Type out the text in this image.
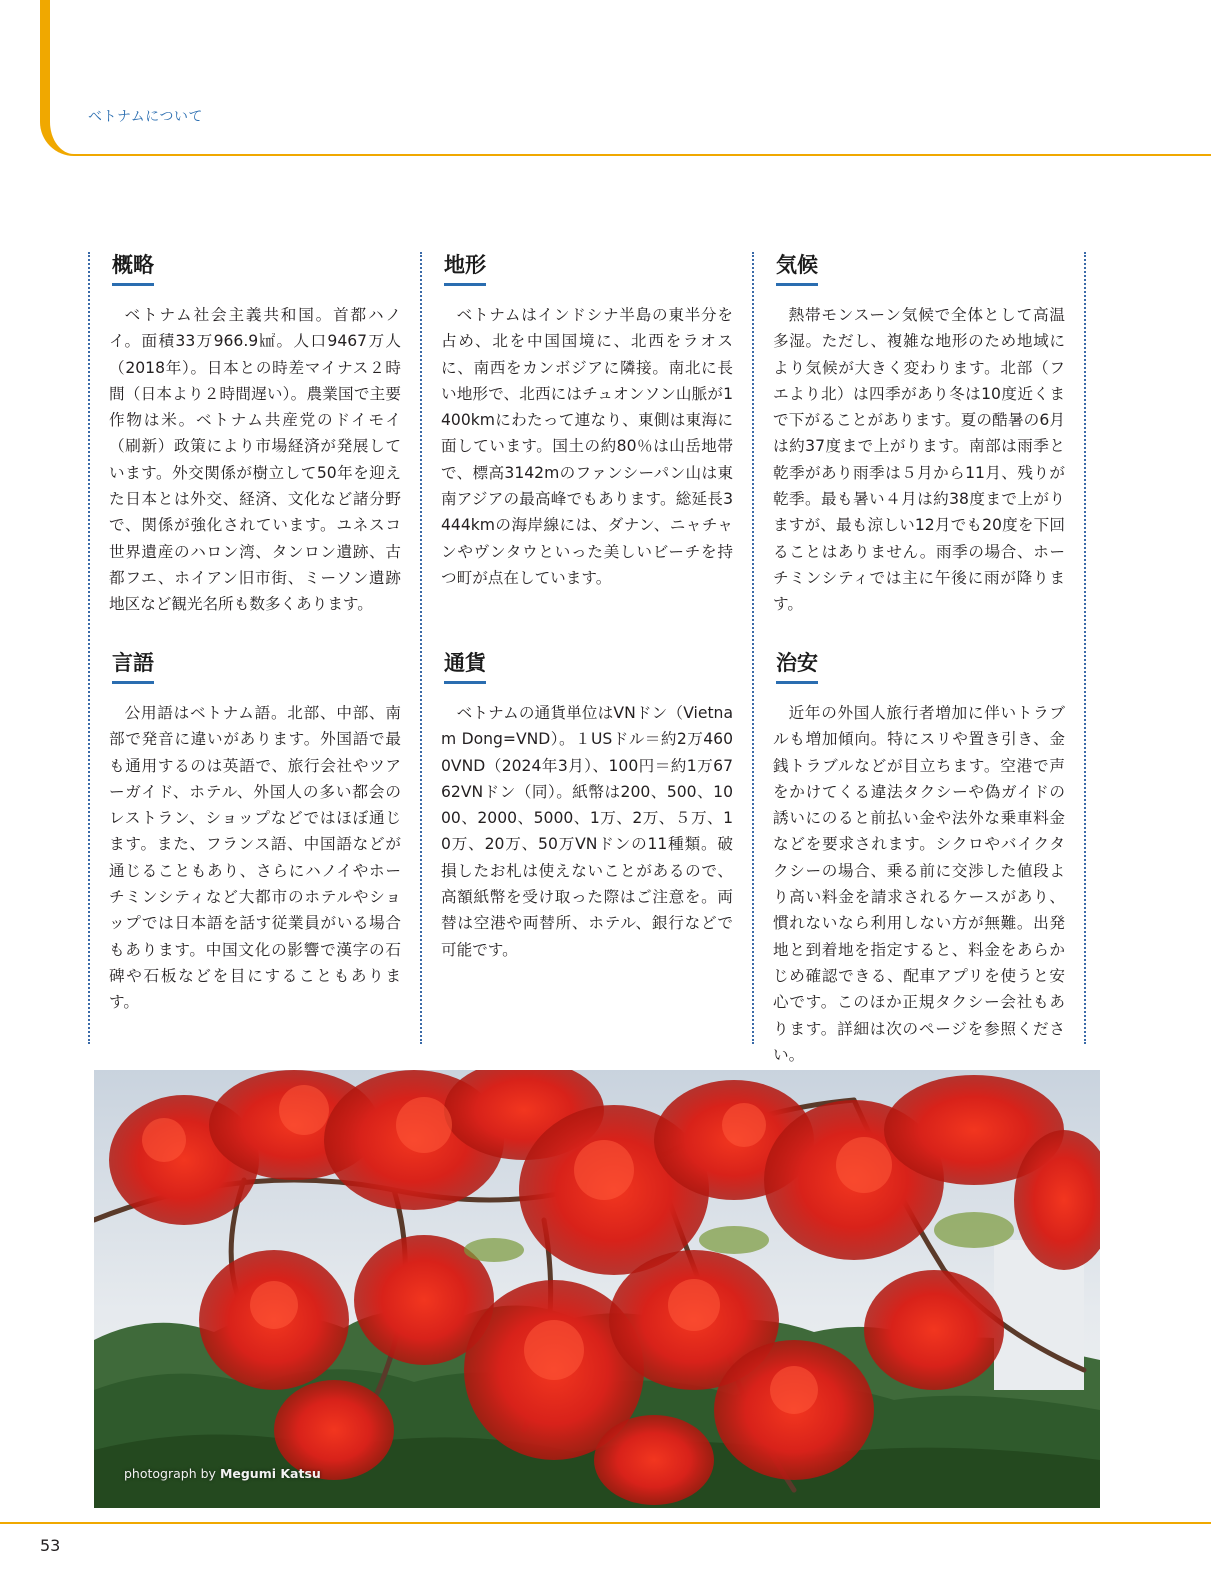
ベトナムについて
概略
ベトナム社会主義共和国。首都ハノイ。面積33万966.9㎢。人口9467万人（2018年）。日本との時差マイナス２時間（日本より２時間遅い）。農業国で主要作物は米。ベトナム共産党のドイモイ（刷新）政策により市場経済が発展しています。外交関係が樹立して50年を迎えた日本とは外交、経済、文化など諸分野で、関係が強化されています。ユネスコ世界遺産のハロン湾、タンロン遺跡、古都フエ、ホイアン旧市街、ミーソン遺跡地区など観光名所も数多くあります。
地形
ベトナムはインドシナ半島の東半分を占め、北を中国国境に、北西をラオスに、南西をカンボジアに隣接。南北に長い地形で、北西にはチュオンソン山脈が1400kmにわたって連なり、東側は東海に面しています。国土の約80％は山岳地帯で、標高3142mのファンシーパン山は東南アジアの最高峰でもあります。総延長3444kmの海岸線には、ダナン、ニャチャンやヴンタウといった美しいビーチを持つ町が点在しています。
気候
熱帯モンスーン気候で全体として高温多湿。ただし、複雑な地形のため地域により気候が大きく変わります。北部（フエより北）は四季があり冬は10度近くまで下がることがあります。夏の酷暑の6月は約37度まで上がります。南部は雨季と乾季があり雨季は５月から11月、残りが乾季。最も暑い４月は約38度まで上がりますが、最も涼しい12月でも20度を下回ることはありません。雨季の場合、ホーチミンシティでは主に午後に雨が降ります。
言語
公用語はベトナム語。北部、中部、南部で発音に違いがあります。外国語で最も通用するのは英語で、旅行会社やツアーガイド、ホテル、外国人の多い都会のレストラン、ショップなどではほぼ通じます。また、フランス語、中国語などが通じることもあり、さらにハノイやホーチミンシティなど大都市のホテルやショップでは日本語を話す従業員がいる場合もあります。中国文化の影響で漢字の石碑や石板などを目にすることもあります。
通貨
ベトナムの通貨単位はVNドン（Vietnam Dong=VND）。１USドル＝約2万4600VND（2024年3月）、100円＝約1万6762VNドン（同）。紙幣は200、500、1000、2000、5000、1万、2万、５万、10万、20万、50万VNドンの11種類。破損したお札は使えないことがあるので、高額紙幣を受け取った際はご注意を。両替は空港や両替所、ホテル、銀行などで可能です。
治安
近年の外国人旅行者増加に伴いトラブルも増加傾向。特にスリや置き引き、金銭トラブルなどが目立ちます。空港で声をかけてくる違法タクシーや偽ガイドの誘いにのると前払い金や法外な乗車料金などを要求されます。シクロやバイクタクシーの場合、乗る前に交渉した値段より高い料金を請求されるケースがあり、慣れないなら利用しない方が無難。出発地と到着地を指定すると、料金をあらかじめ確認できる、配車アプリを使うと安心です。このほか正規タクシー会社もあります。詳細は次のページを参照ください。
photograph by Megumi Katsu
53
